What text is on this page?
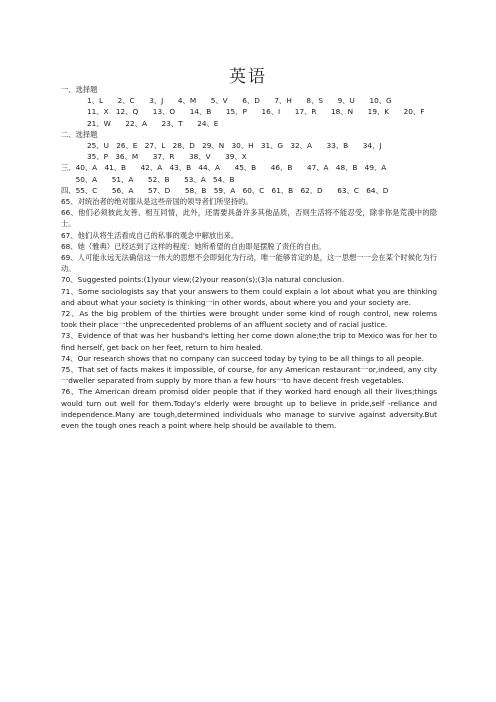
英语
一、选择题
1、L　　2、C　　3、J　　4、M　　5、V　　6、D　　7、H　　8、S　　9、U　　10、G
11、X　12、Q　　13、O　　14、B　　15、P　　16、I　　17、R　　18、N　　19、K　　20、F
21、W　　22、A　　23、T　　24、E
二、选择题
25、U　26、E　27、L　28、D　29、N　30、H　31、G　32、A　　33、B　　34、J
35、P　36、M　　37、R　　38、V　　39、X
三、40、A　41、B　　42、A　43、B　44、A　　45、B　　46、B　　47、A　48、B　49、A
　　50、A　　51、A　　52、B　　53、A　54、B
四、55、C　　56、A　　57、D　　58、B　59、A　60、C　61、B　62、D　　63、C　64、D
65、对统治者的绝对服从是这些帝国的领导者们所坚持的。
66、他们必须彼此友善、相互同情，此外，还需要具备许多其他品质，否则生活将不能忍受，除非你是荒漠中的隐士。
67、他们从将生活看成自己的私事的观念中解放出来。
68、她（雅典）已经达到了这样的程度：她所希望的自由即是摆脱了责任的自由。
69、人可能永远无法确信这一伟大的思想不会即刻化为行动，唯一能够肯定的是，这一思想一一会在某个时候化为行动。
70、Suggested points:(1)your view;(2)your reason(s);(3)a natural conclusion.
71、Some sociologists say that your answers to them could explain a lot about what you are thinking and about what your society is thinking一in other words, about where you and your society are.
72、As the big problem of the thirties were brought under some kind of rough control, new rolems took their place一the unprecedented problems of an affluent society and of racial justice.
73、Evidence of that was her husband's letting her come down alone;the trip to Mexico was for her to find herself, get back on her feet, return to him healed.
74、Our research shows that no company can succeed today by tying to be all things to all people.
75、That set of facts makes it impossible, of course, for any American restaurant一or,indeed, any city一dweller separated from supply by more than a few hours一to have decent fresh vegetables.
76、The American dream promisd older people that if they worked hard enough all their lives;things would turn out well for them.Today's elderly were brought up to believe in pride,self -reliance and independence.Many are tough,determined individuals who manage to survive against adversity.But even the tough ones reach a point where help should be available to them.
